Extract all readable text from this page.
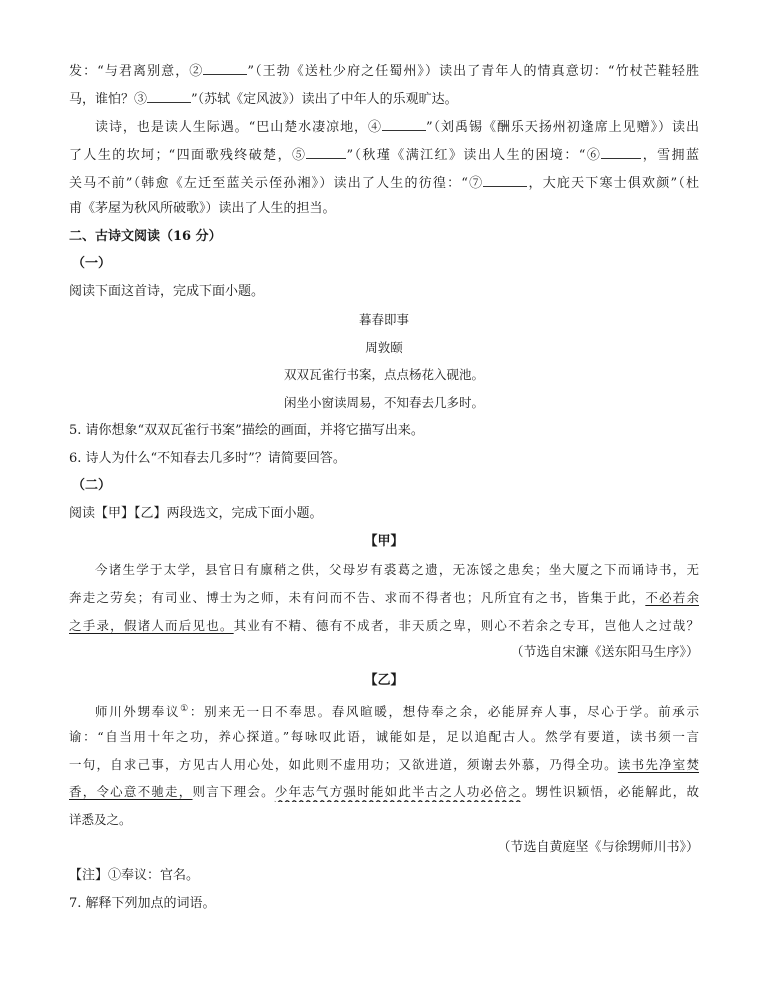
发：“与君离别意，②	”（王勃《送杜少府之任蜀州》）读出了青年人的情真意切：“竹杖芒鞋轻胜
马，谁怕？③	”（苏轼《定风波》）读出了中年人的乐观旷达。
读诗，也是读人生际遇。“巴山楚水凄凉地，④	”（刘禹锡《酬乐天扬州初逢席上见赠》）读出
了人生的坎坷；“四面歌残终破楚，⑤	”（秋瑾《满江红》读出人生的困境：“⑥	，雪拥蓝
关马不前”（韩愈《左迁至蓝关示侄孙湘》）读出了人生的彷徨：“⑦	，大庇天下寒士俱欢颜”（杜
甫《茅屋为秋风所破歌》）读出了人生的担当。
二、古诗文阅读（16 分）
（一）
阅读下面这首诗，完成下面小题。
暮春即事
周敦颐
双双瓦雀行书案，点点杨花入砚池。
闲坐小窗读周易，不知春去几多时。
5. 请你想象“双双瓦雀行书案”描绘的画面，并将它描写出来。
6. 诗人为什么“不知春去几多时”？请简要回答。
（二）
阅读【甲】【乙】两段选文，完成下面小题。
【甲】
今诸生学于太学，县官日有廪稍之供，父母岁有裘葛之遗，无冻馁之患矣；坐大厦之下而诵诗书，无
奔走之劳矣；有司业、博士为之师，未有问而不告、求而不得者也；凡所宜有之书，皆集于此，不必若余
之手录，假诸人而后见也。其业有不精、德有不成者，非天质之卑，则心不若余之专耳，岂他人之过哉？
（节选自宋濂《送东阳马生序》）
【乙】
师川外甥奉议①：别来无一日不奉思。春风暄暖，想侍奉之余，必能屏弃人事，尽心于学。前承示
谕：“自当用十年之功，养心探道。”每咏叹此语，诚能如是，足以追配古人。然学有要道，读书须一言
一句，自求己事，方见古人用心处，如此则不虚用功；又欲进道，须谢去外慕，乃得全功。读书先净室焚
香，令心意不驰走，则言下理会。少年志气方强时能如此半古之人功必倍之。甥性识颖悟，必能解此，故
详悉及之。
（节选自黄庭坚《与徐甥师川书》）
【注】①奉议：官名。
7. 解释下列加点的词语。
